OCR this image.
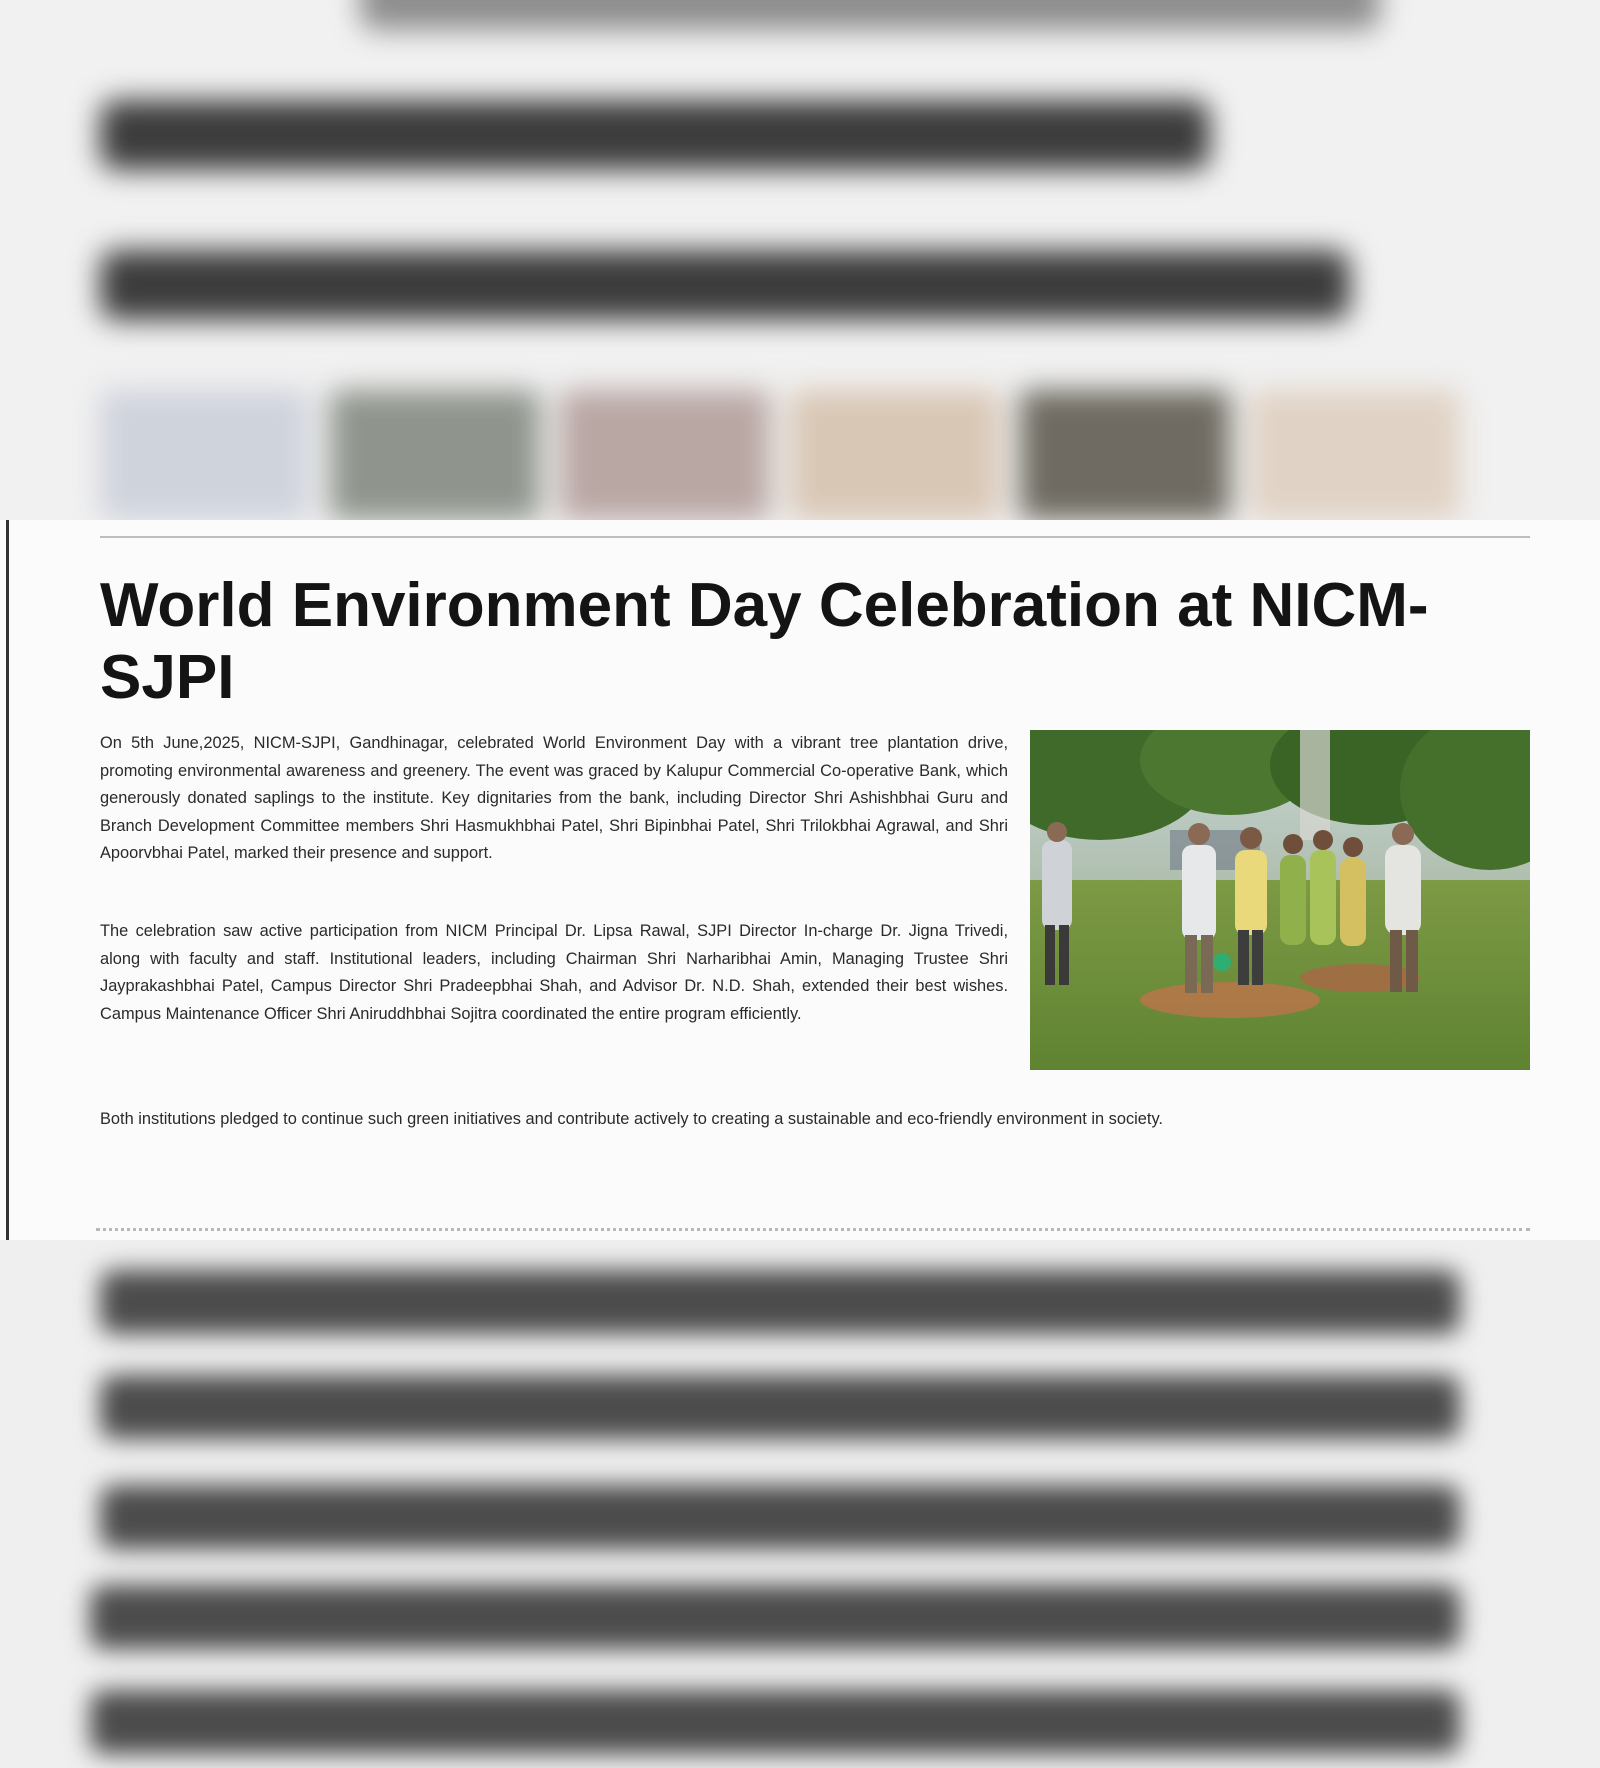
World Environment Day Celebration at NICM-SJPI

On 5th June,2025, NICM-SJPI, Gandhinagar, celebrated World Environment Day with a vibrant tree plantation drive, promoting environmental awareness and greenery. The event was graced by Kalupur Commercial Co-operative Bank, which generously donated saplings to the institute. Key dignitaries from the bank, including Director Shri Ashishbhai Guru and Branch Development Committee members Shri Hasmukhbhai Patel, Shri Bipinbhai Patel, Shri Trilokbhai Agrawal, and Shri Apoorvbhai Patel, marked their presence and support.

The celebration saw active participation from NICM Principal Dr. Lipsa Rawal, SJPI Director In-charge Dr. Jigna Trivedi, along with faculty and staff. Institutional leaders, including Chairman Shri Narharibhai Amin, Managing Trustee Shri Jayprakashbhai Patel, Campus Director Shri Pradeepbhai Shah, and Advisor Dr. N.D. Shah, extended their best wishes. Campus Maintenance Officer Shri Aniruddhbhai Sojitra coordinated the entire program efficiently.

Both institutions pledged to continue such green initiatives and contribute actively to creating a sustainable and eco-friendly environment in society.
